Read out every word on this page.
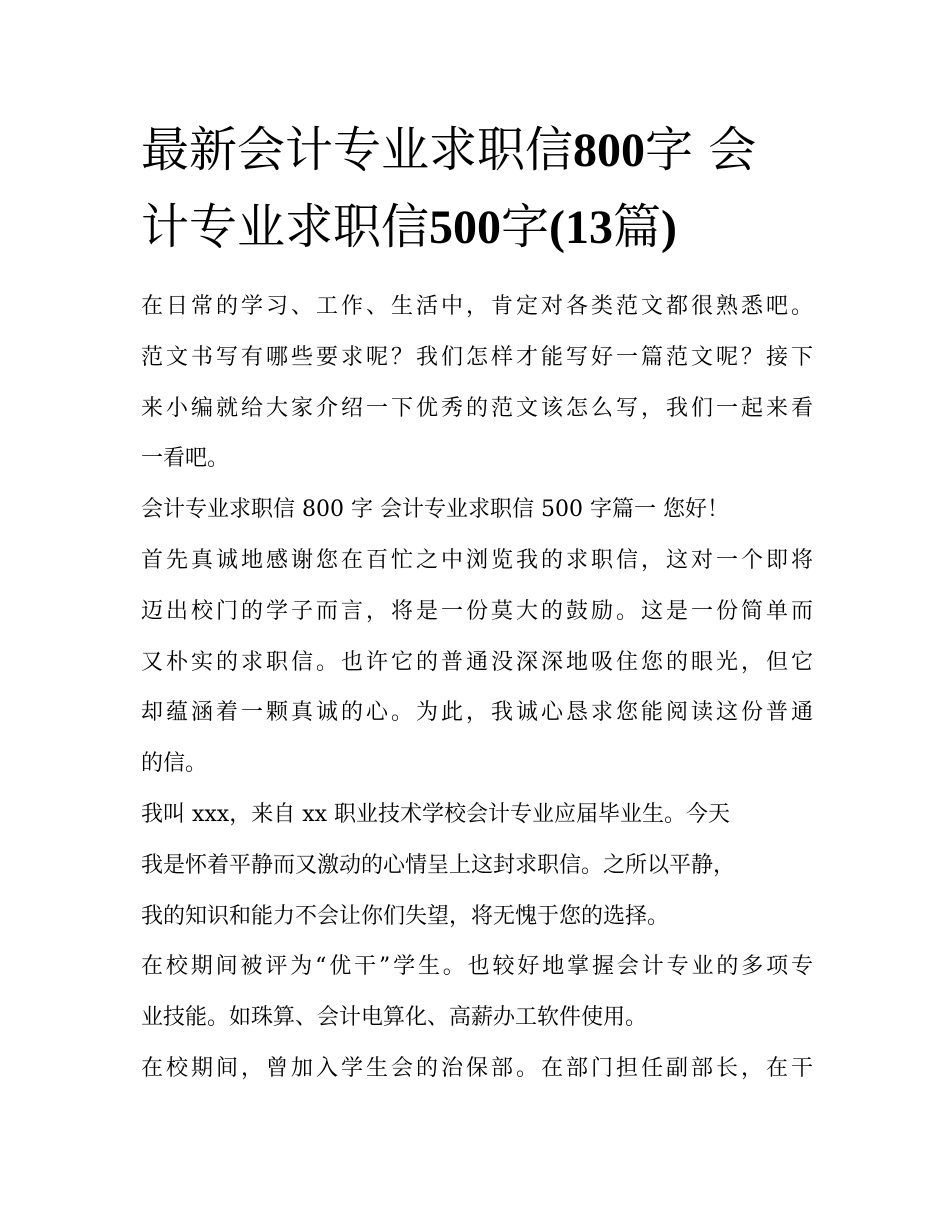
最新会计专业求职信800字 会
计专业求职信500字(13篇)
在日常的学习、工作、生活中，肯定对各类范文都很熟悉吧。
范文书写有哪些要求呢？我们怎样才能写好一篇范文呢？接下
来小编就给大家介绍一下优秀的范文该怎么写，我们一起来看
一看吧。
会计专业求职信 800 字 会计专业求职信 500 字篇一 您好！
首先真诚地感谢您在百忙之中浏览我的求职信，这对一个即将
迈出校门的学子而言，将是一份莫大的鼓励。这是一份简单而
又朴实的求职信。也许它的普通没深深地吸住您的眼光，但它
却蕴涵着一颗真诚的心。为此，我诚心恳求您能阅读这份普通
的信。
我叫 xxx，来自 xx 职业技术学校会计专业应届毕业生。今天
我是怀着平静而又激动的心情呈上这封求职信。之所以平静，
我的知识和能力不会让你们失望，将无愧于您的选择。
在校期间被评为“优干”学生。也较好地掌握会计专业的多项专
业技能。如珠算、会计电算化、高薪办工软件使用。
在校期间，曾加入学生会的治保部。在部门担任副部长，在干
